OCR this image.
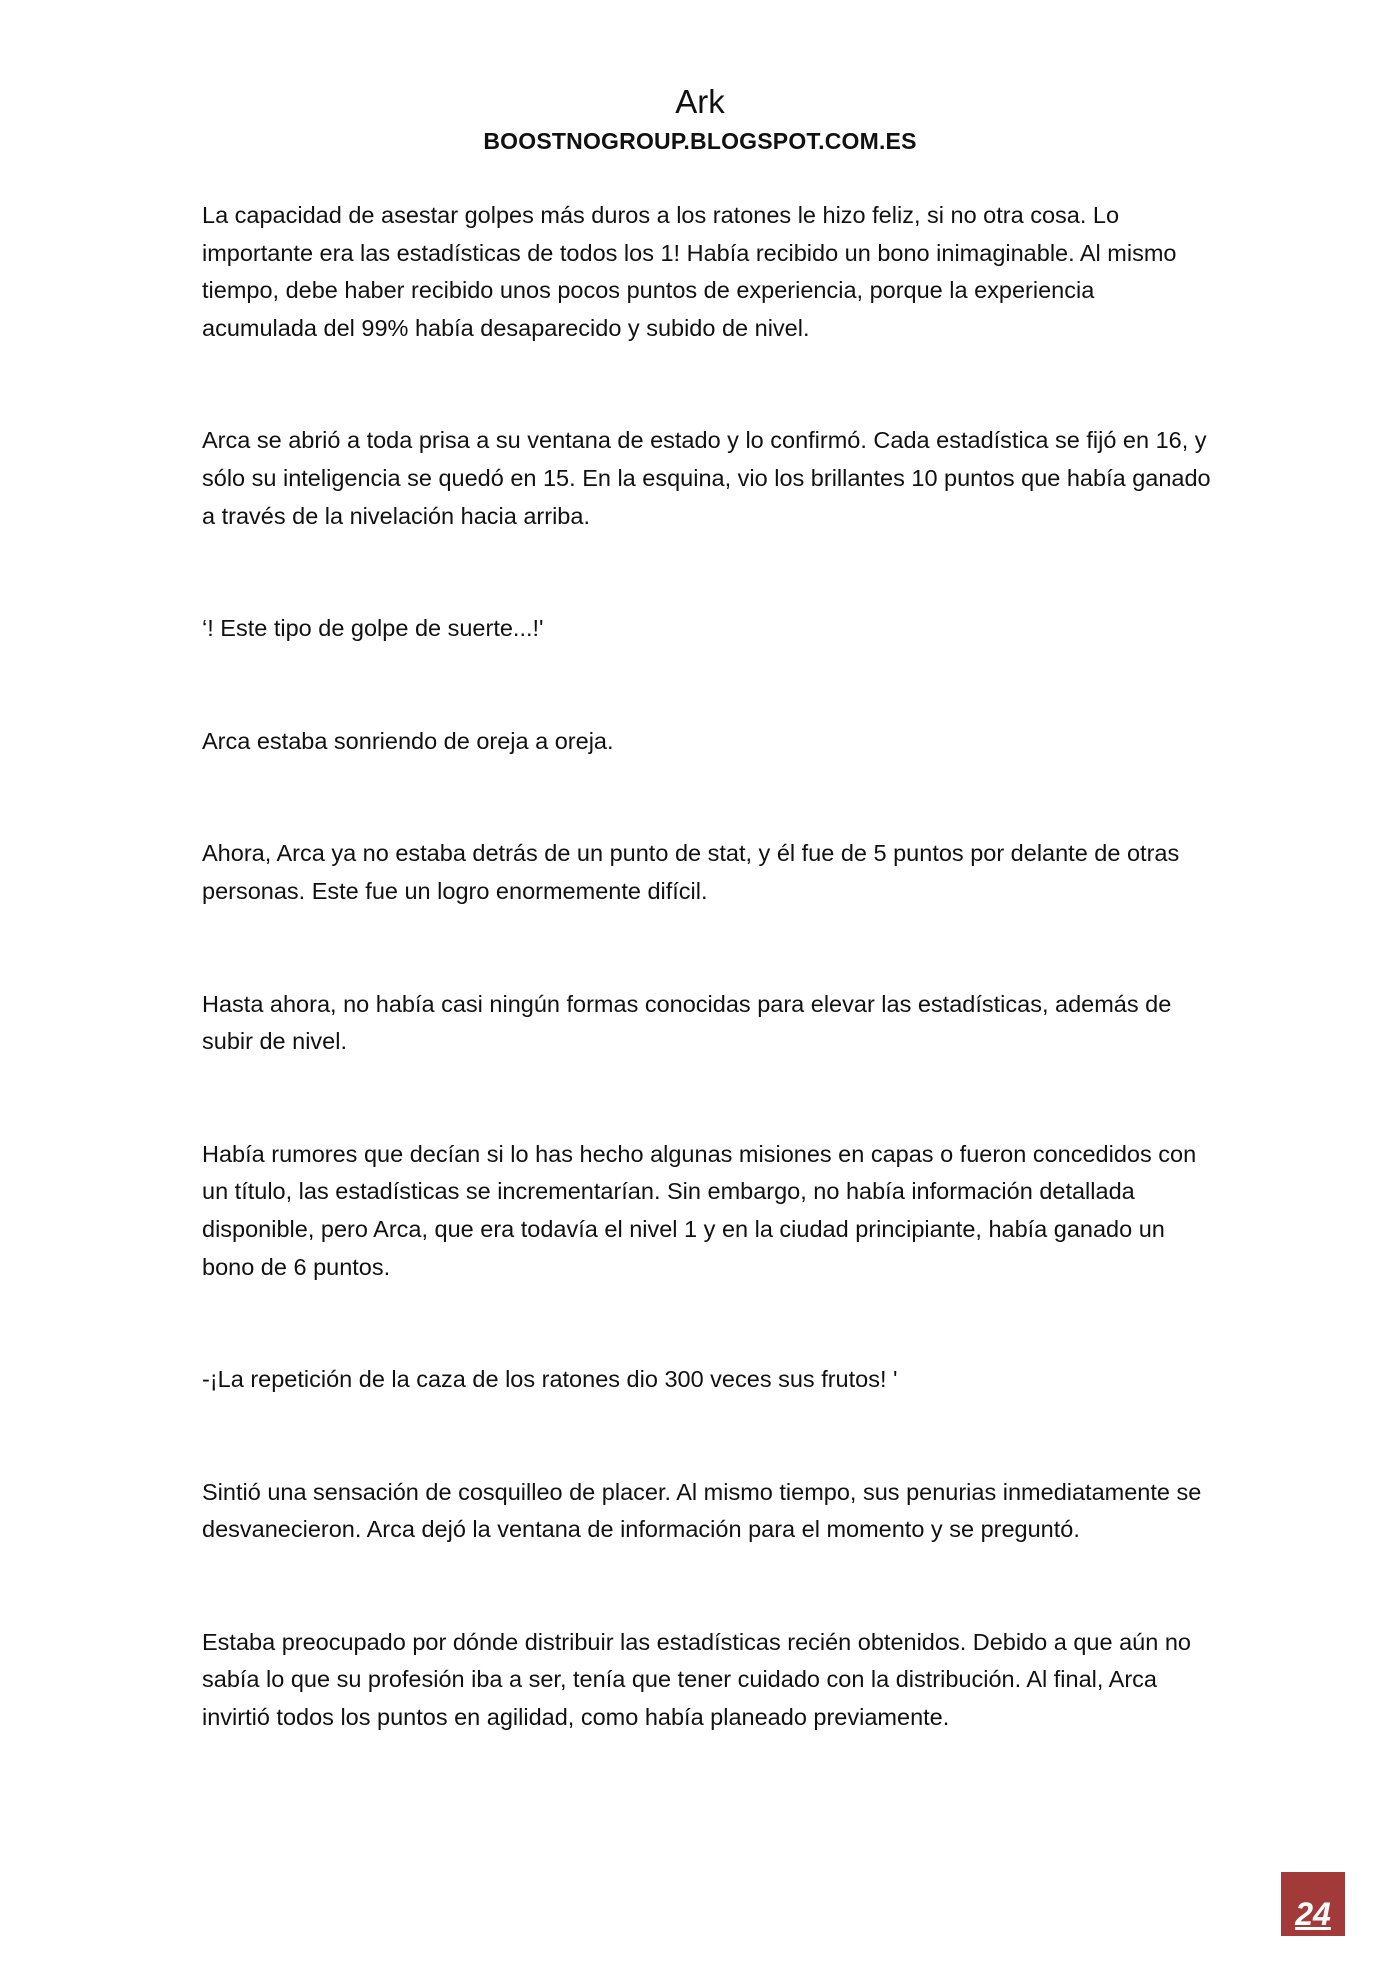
Ark
BOOSTNOGROUP.BLOGSPOT.COM.ES

La capacidad de asestar golpes más duros a los ratones le hizo feliz, si no otra cosa. Lo importante era las estadísticas de todos los 1! Había recibido un bono inimaginable. Al mismo tiempo, debe haber recibido unos pocos puntos de experiencia, porque la experiencia acumulada del 99% había desaparecido y subido de nivel.

Arca se abrió a toda prisa a su ventana de estado y lo confirmó. Cada estadística se fijó en 16, y sólo su inteligencia se quedó en 15. En la esquina, vio los brillantes 10 puntos que había ganado a través de la nivelación hacia arriba.

‘! Este tipo de golpe de suerte...!'

Arca estaba sonriendo de oreja a oreja.

Ahora, Arca ya no estaba detrás de un punto de stat, y él fue de 5 puntos por delante de otras personas. Este fue un logro enormemente difícil.

Hasta ahora, no había casi ningún formas conocidas para elevar las estadísticas, además de subir de nivel.

Había rumores que decían si lo has hecho algunas misiones en capas o fueron concedidos con un título, las estadísticas se incrementarían. Sin embargo, no había información detallada disponible, pero Arca, que era todavía el nivel 1 y en la ciudad principiante, había ganado un bono de 6 puntos.

-¡La repetición de la caza de los ratones dio 300 veces sus frutos! '

Sintió una sensación de cosquilleo de placer. Al mismo tiempo, sus penurias inmediatamente se desvanecieron. Arca dejó la ventana de información para el momento y se preguntó.

Estaba preocupado por dónde distribuir las estadísticas recién obtenidos. Debido a que aún no sabía lo que su profesión iba a ser, tenía que tener cuidado con la distribución. Al final, Arca invirtió todos los puntos en agilidad, como había planeado previamente.

24
